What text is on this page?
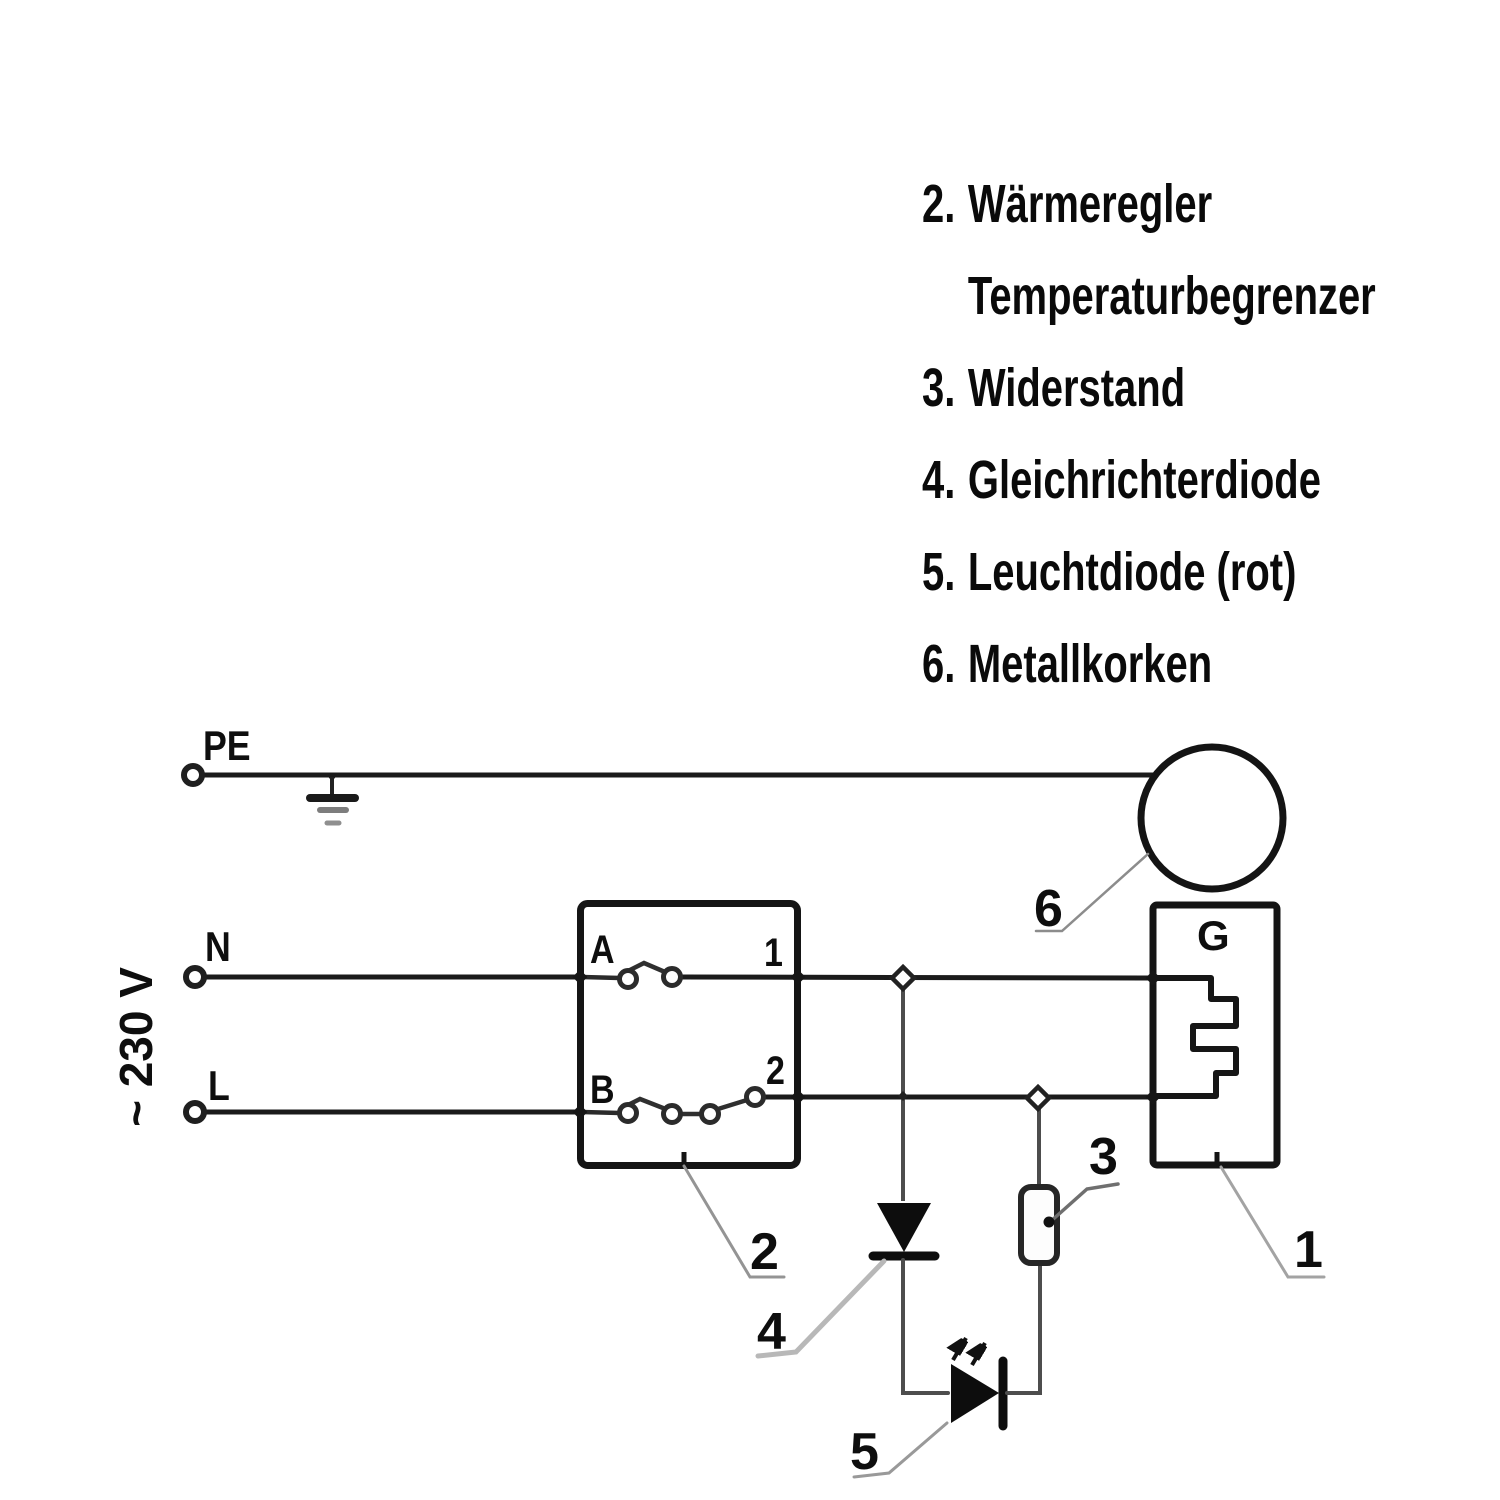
2. Wärmeregler
Temperaturbegrenzer
3. Widerstand
4. Gleichrichterdiode
5. Leuchtdiode (rot)
6. Metallkorken
PE
N
L
~ 230 V
A	1
B	2
G
2
4
5
3
6
1
